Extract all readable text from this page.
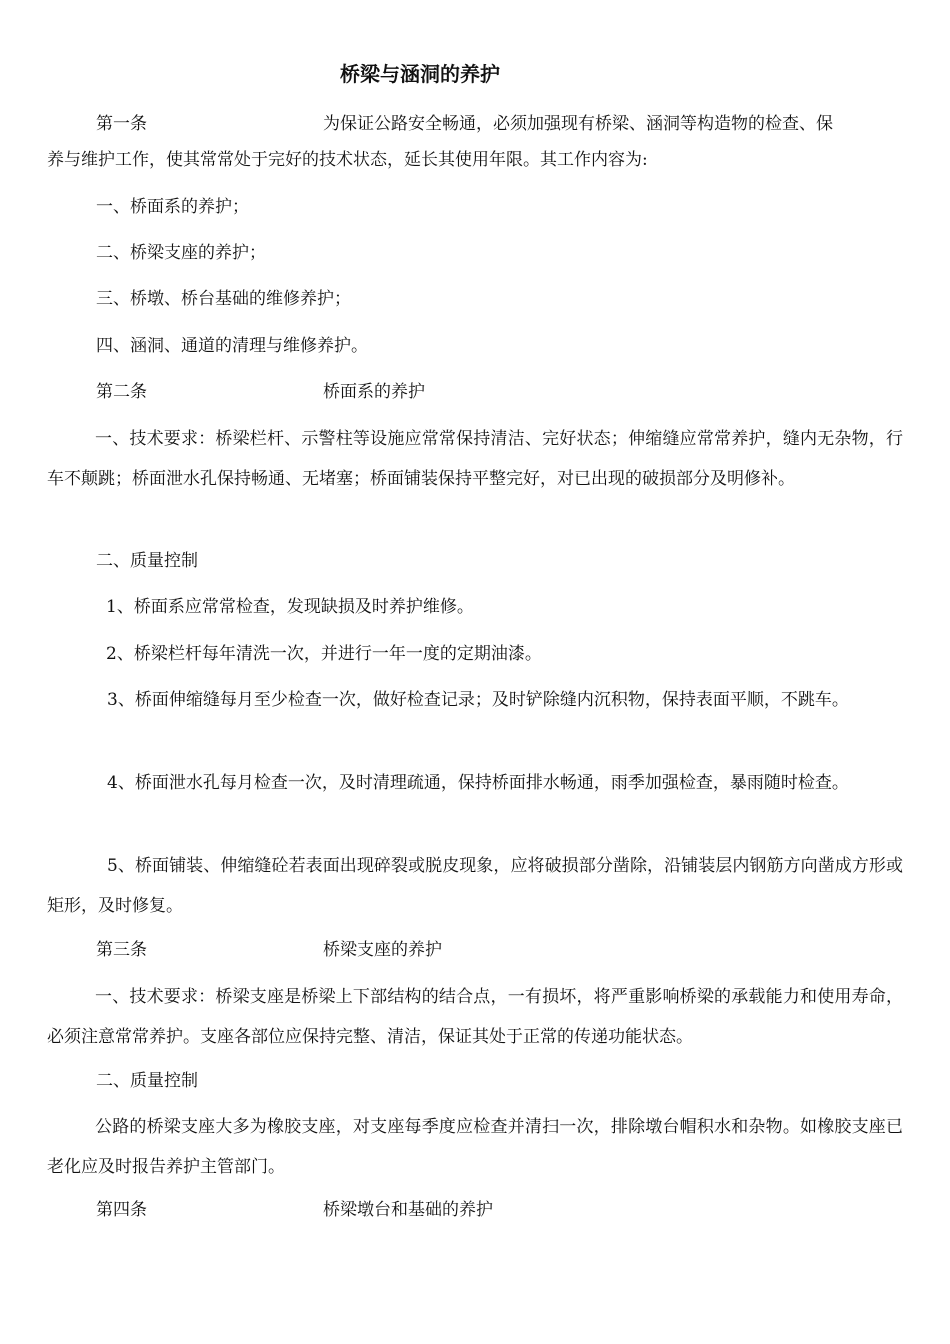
桥梁与涵洞的养护
第一条	为保证公路安全畅通，必须加强现有桥梁、涵洞等构造物的检查、保
养与维护工作，使其常常处于完好的技术状态，延长其使用年限。其工作内容为:
一、桥面系的养护；
二、桥梁支座的养护；
三、桥墩、桥台基础的维修养护；
四、涵洞、通道的清理与维修养护。
第二条	桥面系的养护

一、技术要求：桥梁栏杆、示警柱等设施应常常保持清洁、完好状态；伸缩缝应常常养护，缝内无杂物，行车不颠跳；桥面泄水孔保持畅通、无堵塞；桥面铺装保持平整完好，对已出现的破损部分及明修补。

二、质量控制
1、桥面系应常常检查，发现缺损及时养护维修。
2、桥梁栏杆每年清洗一次，并进行一年一度的定期油漆。

3、桥面伸缩缝每月至少检查一次，做好检查记录；及时铲除缝内沉积物，保持表面平顺，不跳车。

4、桥面泄水孔每月检查一次，及时清理疏通，保持桥面排水畅通，雨季加强检查，暴雨随时检查。

5、桥面铺装、伸缩缝砼若表面出现碎裂或脱皮现象，应将破损部分凿除，沿铺装层内钢筋方向凿成方形或矩形，及时修复。

第三条	桥梁支座的养护

一、技术要求：桥梁支座是桥梁上下部结构的结合点，一有损坏，将严重影响桥梁的承载能力和使用寿命，必须注意常常养护。支座各部位应保持完整、清洁，保证其处于正常的传递功能状态。

二、质量控制

公路的桥梁支座大多为橡胶支座，对支座每季度应检查并清扫一次，排除墩台帽积水和杂物。如橡胶支座已老化应及时报告养护主管部门。

第四条	桥梁墩台和基础的养护
